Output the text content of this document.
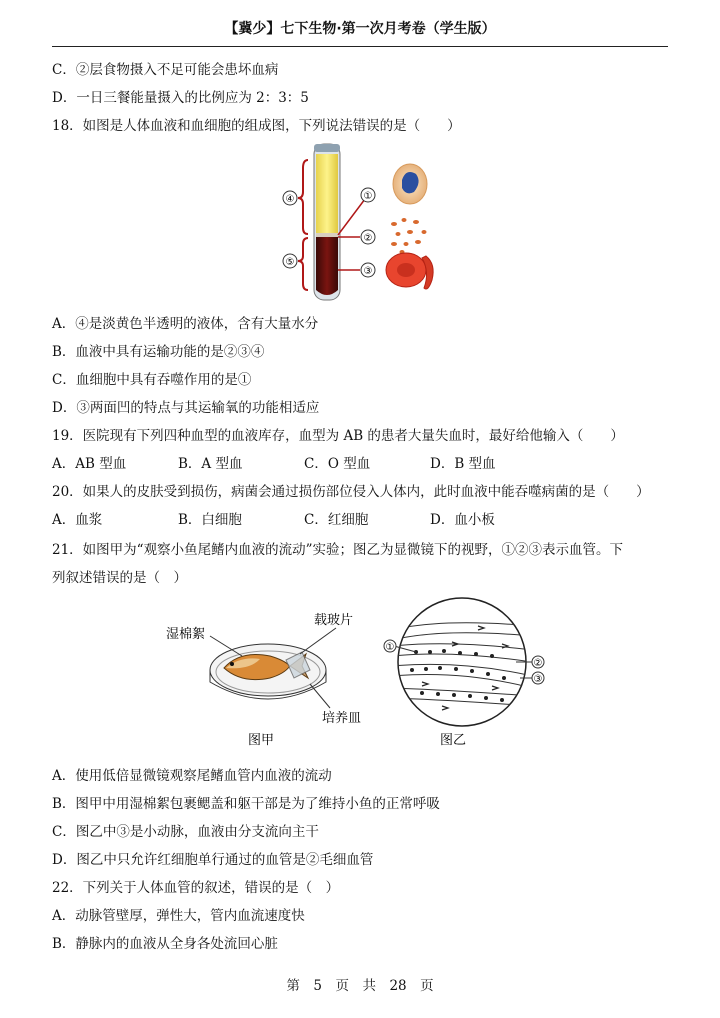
【冀少】七下生物·第一次月考卷（学生版）
C．②层食物摄入不足可能会患坏血病
D．一日三餐能量摄入的比例应为 2：3：5
18．如图是人体血液和血细胞的组成图，下列说法错误的是（　　）
④
⑤
①
②
③
A．④是淡黄色半透明的液体，含有大量水分
B．血液中具有运输功能的是②③④
C．血细胞中具有吞噬作用的是①
D．③两面凹的特点与其运输氧的功能相适应
19．医院现有下列四种血型的血液库存，血型为 AB 的患者大量失血时，最好给他输入（　　）
A．AB 型血	B．A 型血	C．O 型血	D．B 型血
20．如果人的皮肤受到损伤，病菌会通过损伤部位侵入人体内，此时血液中能吞噬病菌的是（　　）
A．血浆	B．白细胞	C．红细胞	D．血小板
21．如图甲为“观察小鱼尾鳍内血液的流动”实验；图乙为显微镜下的视野，①②③表示血管。下
列叙述错误的是（　）
湿棉絮
载玻片
培养皿
图甲
①
②
③
图乙
A．使用低倍显微镜观察尾鳍血管内血液的流动
B．图甲中用湿棉絮包裹鳃盖和躯干部是为了维持小鱼的正常呼吸
C．图乙中③是小动脉，血液由分支流向主干
D．图乙中只允许红细胞单行通过的血管是②毛细血管
22．下列关于人体血管的叙述，错误的是（　）
A．动脉管壁厚，弹性大，管内血流速度快
B．静脉内的血液从全身各处流回心脏
第　5　页　共　28　页
